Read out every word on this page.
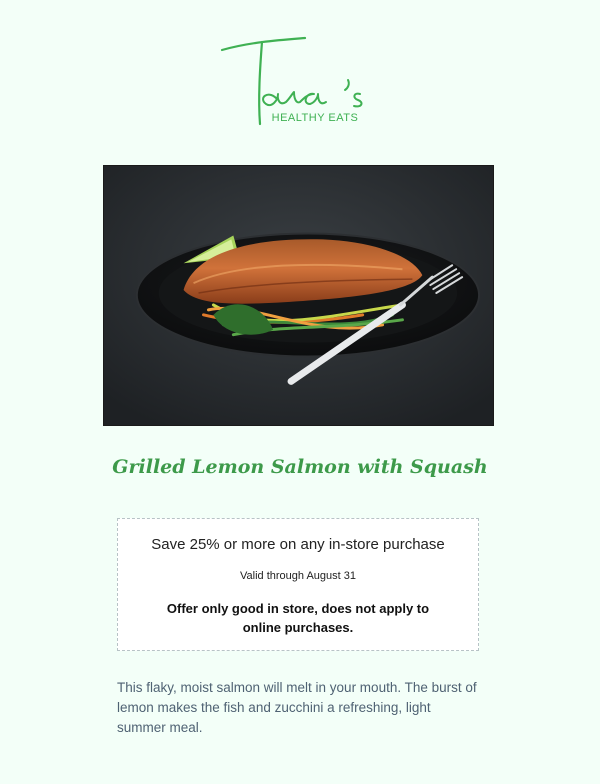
HEALTHY EATS
Grilled Lemon Salmon with Squash
Save 25% or more on any in-store purchase
Valid through August 31
Offer only good in store, does not apply to online purchases.

This flaky, moist salmon will melt in your mouth. The burst of lemon makes the fish and zucchini a refreshing, light summer meal.
